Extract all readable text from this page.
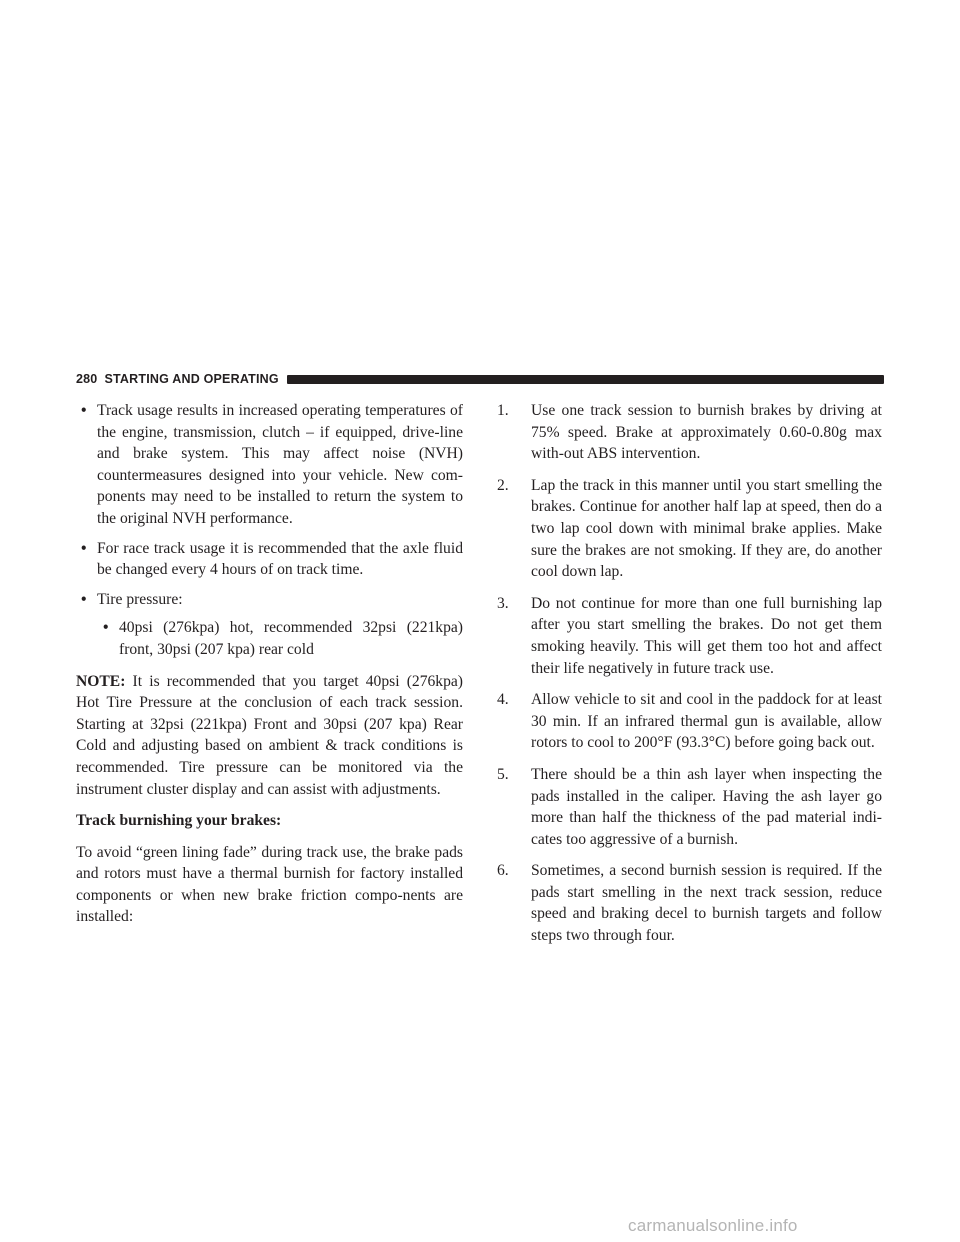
280 STARTING AND OPERATING
• Track usage results in increased operating temperatures of the engine, transmission, clutch – if equipped, drive-line and brake system. This may affect noise (NVH) countermeasures designed into your vehicle. New com-ponents may need to be installed to return the system to the original NVH performance.
• For race track usage it is recommended that the axle fluid be changed every 4 hours of on track time.
• Tire pressure:
• 40psi (276kpa) hot, recommended 32psi (221kpa) front, 30psi (207 kpa) rear cold

NOTE: It is recommended that you target 40psi (276kpa) Hot Tire Pressure at the conclusion of each track session. Starting at 32psi (221kpa) Front and 30psi (207 kpa) Rear Cold and adjusting based on ambient & track conditions is recommended. Tire pressure can be monitored via the instrument cluster display and can assist with adjustments.

Track burnishing your brakes:

To avoid “green lining fade” during track use, the brake pads and rotors must have a thermal burnish for factory installed components or when new brake friction compo-nents are installed:

1. Use one track session to burnish brakes by driving at 75% speed. Brake at approximately 0.60-0.80g max with-out ABS intervention.
2. Lap the track in this manner until you start smelling the brakes. Continue for another half lap at speed, then do a two lap cool down with minimal brake applies. Make sure the brakes are not smoking. If they are, do another cool down lap.
3. Do not continue for more than one full burnishing lap after you start smelling the brakes. Do not get them smoking heavily. This will get them too hot and affect their life negatively in future track use.
4. Allow vehicle to sit and cool in the paddock for at least 30 min. If an infrared thermal gun is available, allow rotors to cool to 200°F (93.3°C) before going back out.
5. There should be a thin ash layer when inspecting the pads installed in the caliper. Having the ash layer go more than half the thickness of the pad material indi-cates too aggressive of a burnish.
6. Sometimes, a second burnish session is required. If the pads start smelling in the next track session, reduce speed and braking decel to burnish targets and follow steps two through four.
carmanualsonline.info
